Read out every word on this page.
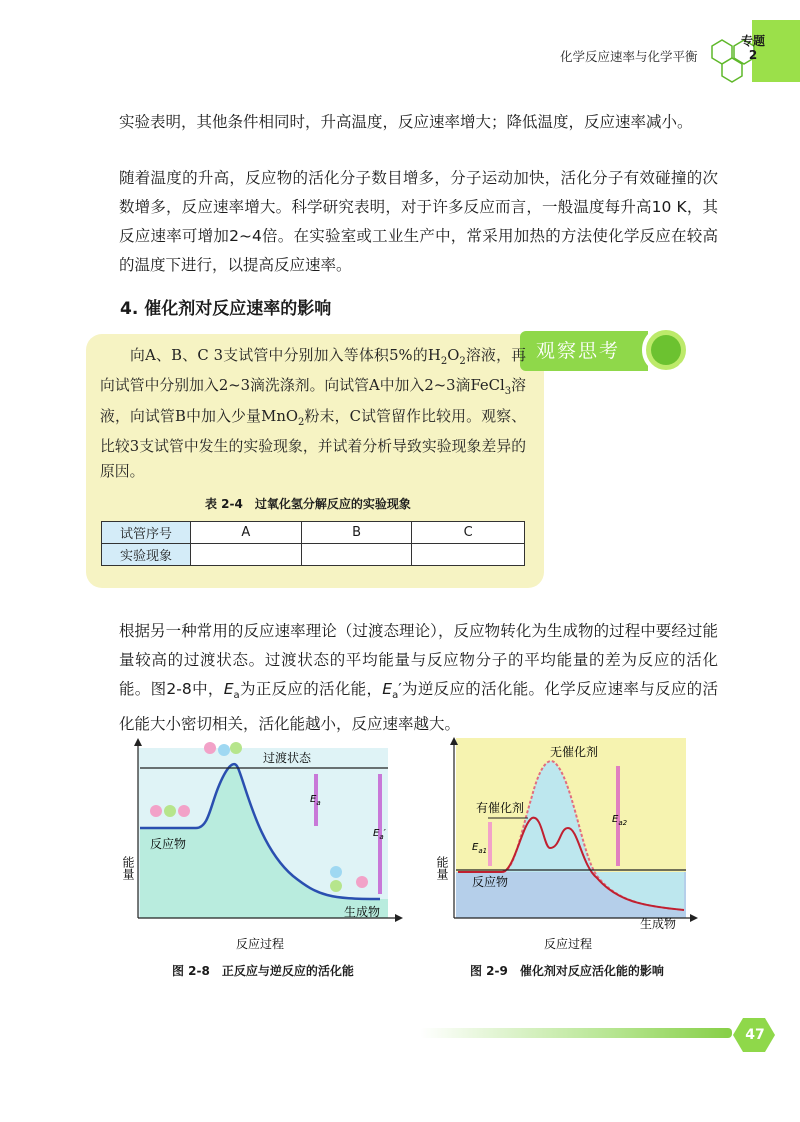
化学反应速率与化学平衡
专题
2
实验表明，其他条件相同时，升高温度，反应速率增大；降低温度，反应速率减小。
随着温度的升高，反应物的活化分子数目增多，分子运动加快，活化分子有效碰撞的次数增多，反应速率增大。科学研究表明，对于许多反应而言，一般温度每升高10 K，其反应速率可增加2~4倍。在实验室或工业生产中，常采用加热的方法使化学反应在较高的温度下进行，以提高反应速率。
4. 催化剂对反应速率的影响
观察思考
向A、B、C 3支试管中分别加入等体积5%的$H_2O_2$溶液，再向试管中分别加入2~3滴洗涤剂。向试管A中加入2~3滴FeCl$_3$溶液，向试管B中加入少量MnO$_2$粉末，C试管留作比较用。观察、比较3支试管中发生的实验现象，并试着分析导致实验现象差异的原因。
表 2-4　过氧化氢分解反应的实验现象
试管序号	A	B	C
实验现象			
根据另一种常用的反应速率理论（过渡态理论），反应物转化为生成物的过程中要经过能量较高的过渡状态。过渡状态的平均能量与反应物分子的平均能量的差为反应的活化能。图2-8中，$E_a$为正反应的活化能，$E_a'$为逆反应的活化能。化学反应速率与反应的活化能大小密切相关，活化能越小，反应速率越大。
过渡状态
反应物
生成物
能量
反应过程
$E_a$
$E_a'$
图 2-8　正反应与逆反应的活化能
无催化剂
有催化剂
反应物
生成物
能量
反应过程
$E_{a1}$
$E_{a2}$
图 2-9　催化剂对反应活化能的影响
47
